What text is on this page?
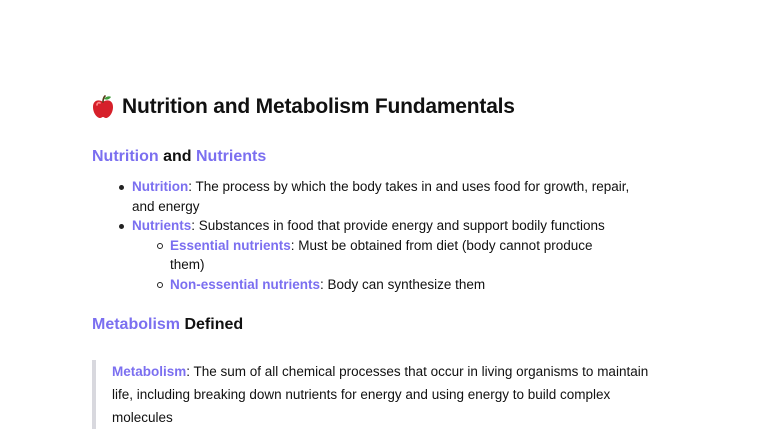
Nutrition and Metabolism Fundamentals
Nutrition and Nutrients
Nutrition: The process by which the body takes in and uses food for growth, repair, and energy
Nutrients: Substances in food that provide energy and support bodily functions
Essential nutrients: Must be obtained from diet (body cannot produce them)
Non-essential nutrients: Body can synthesize them
Metabolism Defined
Metabolism: The sum of all chemical processes that occur in living organisms to maintain life, including breaking down nutrients for energy and using energy to build complex molecules
